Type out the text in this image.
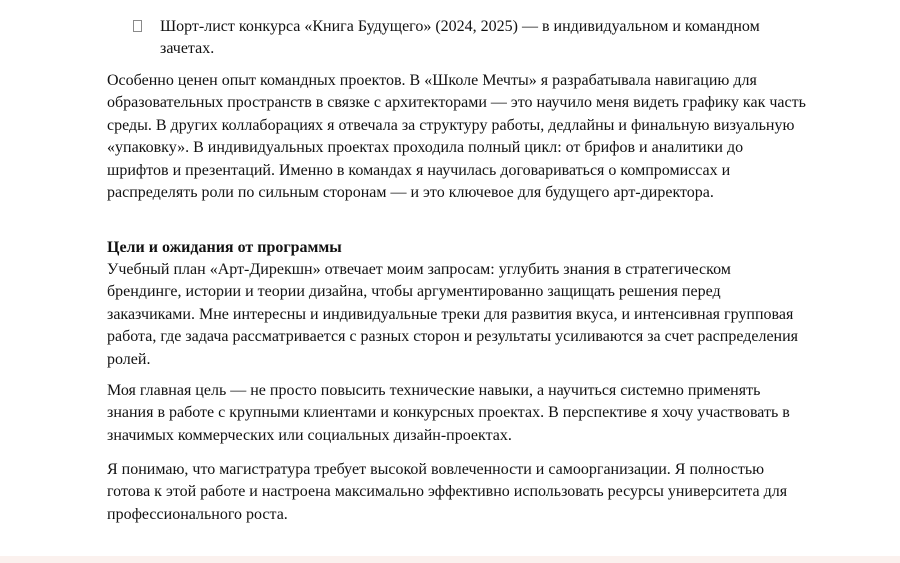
Шорт-лист конкурса «Книга Будущего» (2024, 2025) — в индивидуальном и командном зачетах.

Особенно ценен опыт командных проектов. В «Школе Мечты» я разрабатывала навигацию для образовательных пространств в связке с архитекторами — это научило меня видеть графику как часть среды. В других коллаборациях я отвечала за структуру работы, дедлайны и финальную визуальную «упаковку». В индивидуальных проектах проходила полный цикл: от брифов и аналитики до шрифтов и презентаций. Именно в командах я научилась договариваться о компромиссах и распределять роли по сильным сторонам — и это ключевое для будущего арт-директора.

Цели и ожидания от программы

Учебный план «Арт-Дирекшн» отвечает моим запросам: углубить знания в стратегическом брендинге, истории и теории дизайна, чтобы аргументированно защищать решения перед заказчиками. Мне интересны и индивидуальные треки для развития вкуса, и интенсивная групповая работа, где задача рассматривается с разных сторон и результаты усиливаются за счет распределения ролей.

Моя главная цель — не просто повысить технические навыки, а научиться системно применять знания в работе с крупными клиентами и конкурсных проектах. В перспективе я хочу участвовать в значимых коммерческих или социальных дизайн-проектах.

Я понимаю, что магистратура требует высокой вовлеченности и самоорганизации. Я полностью готова к этой работе и настроена максимально эффективно использовать ресурсы университета для профессионального роста.
